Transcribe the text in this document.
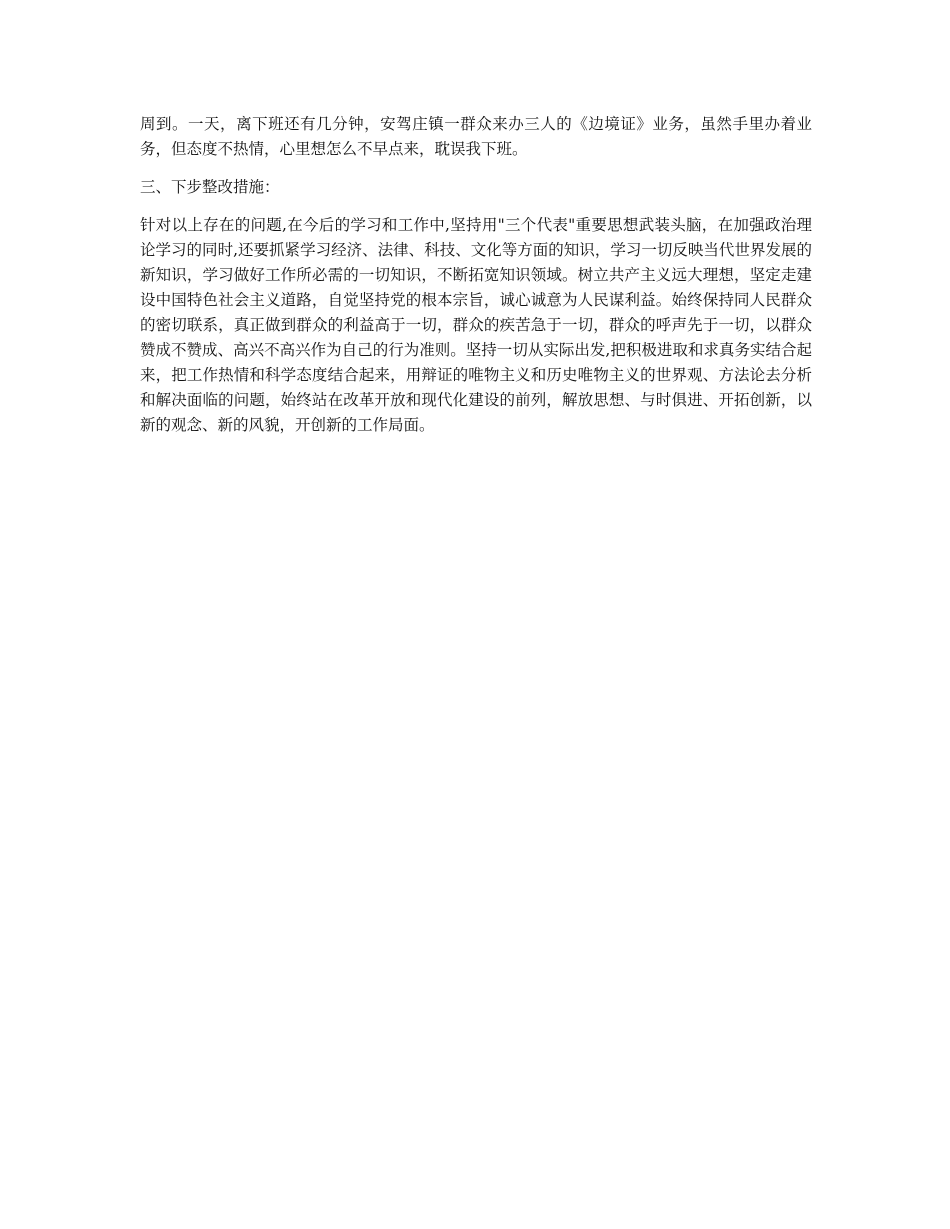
周到。一天，离下班还有几分钟，安驾庄镇一群众来办三人的《边境证》业务，虽然手里办着业务，但态度不热情，心里想怎么不早点来，耽误我下班。

三、下步整改措施：

针对以上存在的问题,在今后的学习和工作中,坚持用"三个代表"重要思想武装头脑，在加强政治理论学习的同时,还要抓紧学习经济、法律、科技、文化等方面的知识，学习一切反映当代世界发展的新知识，学习做好工作所必需的一切知识，不断拓宽知识领域。树立共产主义远大理想，坚定走建设中国特色社会主义道路，自觉坚持党的根本宗旨，诚心诚意为人民谋利益。始终保持同人民群众的密切联系，真正做到群众的利益高于一切，群众的疾苦急于一切，群众的呼声先于一切，以群众赞成不赞成、高兴不高兴作为自己的行为准则。坚持一切从实际出发,把积极进取和求真务实结合起来，把工作热情和科学态度结合起来，用辩证的唯物主义和历史唯物主义的世界观、方法论去分析和解决面临的问题，始终站在改革开放和现代化建设的前列，解放思想、与时俱进、开拓创新，以新的观念、新的风貌，开创新的工作局面。
